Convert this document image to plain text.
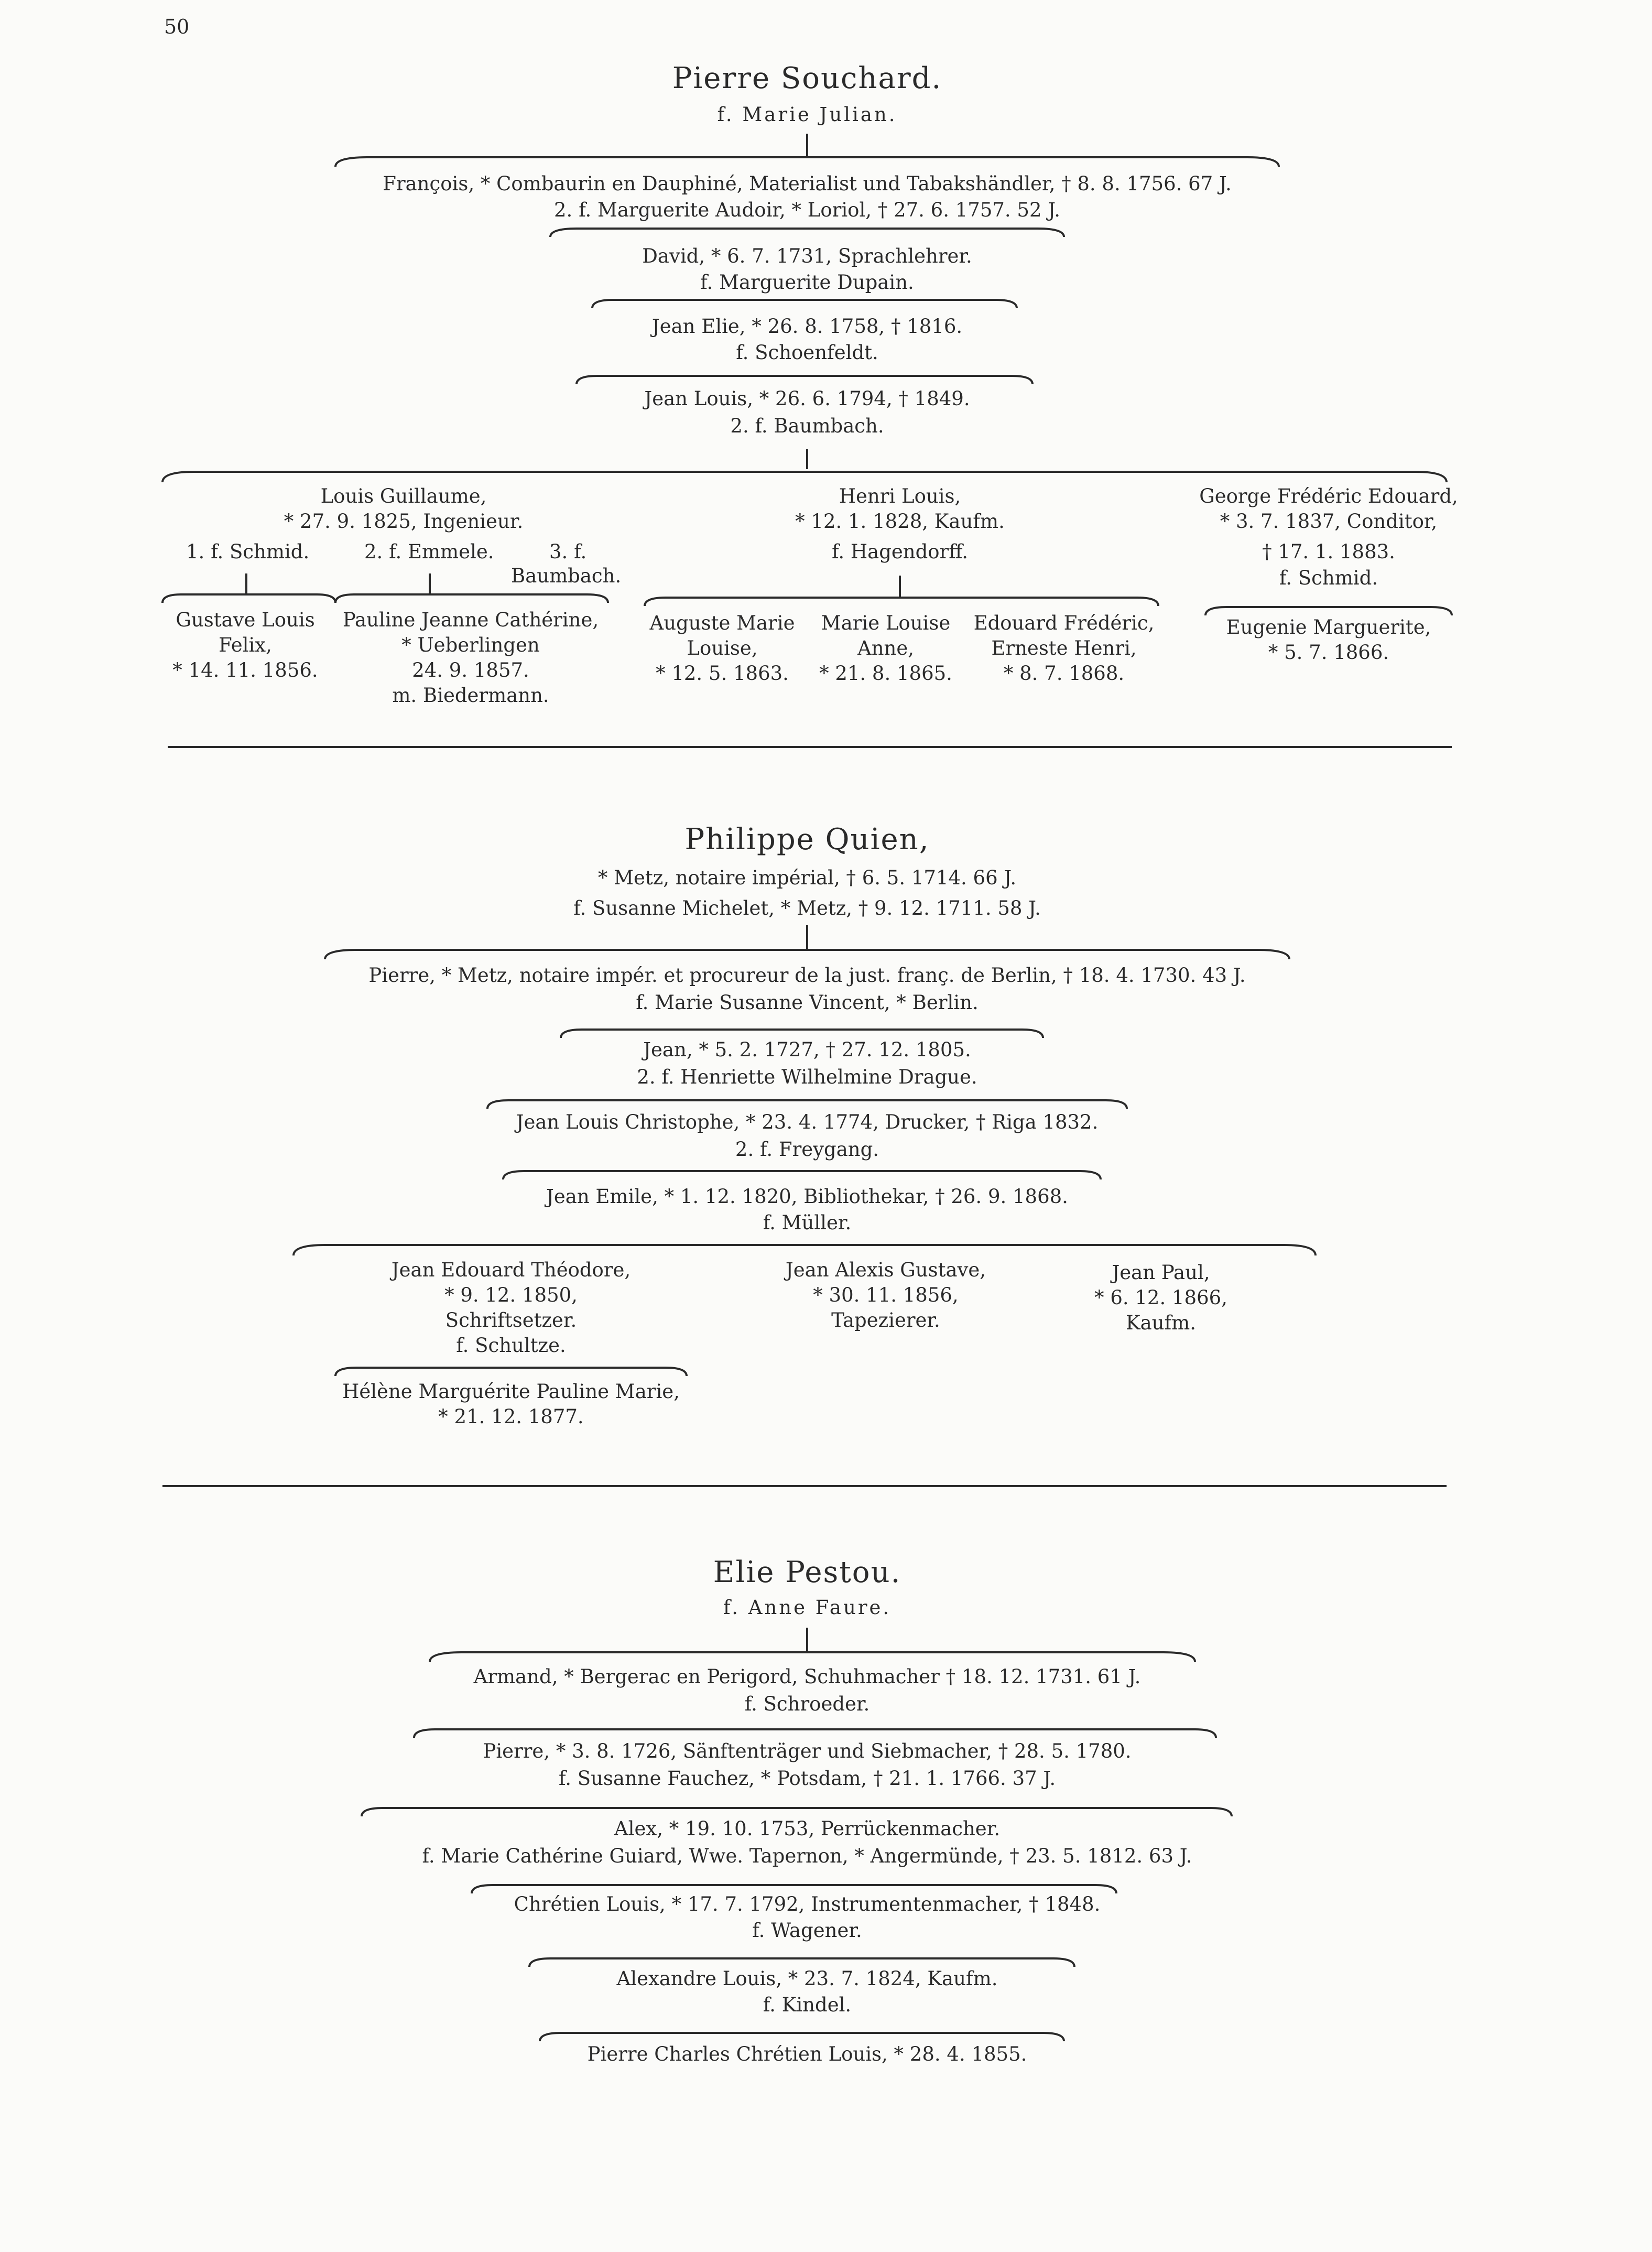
50
Pierre Souchard.
f. Marie Julian.
François, * Combaurin en Dauphiné, Materialist und Tabakshändler, † 8. 8. 1756. 67 J.
2. f. Marguerite Audoir, * Loriol, † 27. 6. 1757. 52 J.
David, * 6. 7. 1731, Sprachlehrer.
f. Marguerite Dupain.
Jean Elie, * 26. 8. 1758, † 1816.
f. Schoenfeldt.
Jean Louis, * 26. 6. 1794, † 1849.
2. f. Baumbach.
Louis Guillaume,
* 27. 9. 1825, Ingenieur.
1. f. Schmid.	2. f. Emmele.	3. f.
Baumbach.
Henri Louis,
* 12. 1. 1828, Kaufm.
f. Hagendorff.
George Frédéric Edouard,
* 3. 7. 1837, Conditor,
† 17. 1. 1883.
f. Schmid.
Gustave Louis
Felix,
* 14. 11. 1856.
Pauline Jeanne Cathérine,
* Ueberlingen
24. 9. 1857.
m. Biedermann.
Auguste Marie
Louise,
* 12. 5. 1863.
Marie Louise
Anne,
* 21. 8. 1865.
Edouard Frédéric,
Erneste Henri,
* 8. 7. 1868.
Eugenie Marguerite,
* 5. 7. 1866.
Philippe Quien,
* Metz, notaire impérial, † 6. 5. 1714. 66 J.
f. Susanne Michelet, * Metz, † 9. 12. 1711. 58 J.
Pierre, * Metz, notaire impér. et procureur de la just. franç. de Berlin, † 18. 4. 1730. 43 J.
f. Marie Susanne Vincent, * Berlin.
Jean, * 5. 2. 1727, † 27. 12. 1805.
2. f. Henriette Wilhelmine Drague.
Jean Louis Christophe, * 23. 4. 1774, Drucker, † Riga 1832.
2. f. Freygang.
Jean Emile, * 1. 12. 1820, Bibliothekar, † 26. 9. 1868.
f. Müller.
Jean Edouard Théodore,
* 9. 12. 1850,
Schriftsetzer.
f. Schultze.
Jean Alexis Gustave,
* 30. 11. 1856,
Tapezierer.
Jean Paul,
* 6. 12. 1866,
Kaufm.
Hélène Marguérite Pauline Marie,
* 21. 12. 1877.
Elie Pestou.
f. Anne Faure.
Armand, * Bergerac en Perigord, Schuhmacher † 18. 12. 1731. 61 J.
f. Schroeder.
Pierre, * 3. 8. 1726, Sänftenträger und Siebmacher, † 28. 5. 1780.
f. Susanne Fauchez, * Potsdam, † 21. 1. 1766. 37 J.
Alex, * 19. 10. 1753, Perrückenmacher.
f. Marie Cathérine Guiard, Wwe. Tapernon, * Angermünde, † 23. 5. 1812. 63 J.
Chrétien Louis, * 17. 7. 1792, Instrumentenmacher, † 1848.
f. Wagener.
Alexandre Louis, * 23. 7. 1824, Kaufm.
f. Kindel.
Pierre Charles Chrétien Louis, * 28. 4. 1855.
